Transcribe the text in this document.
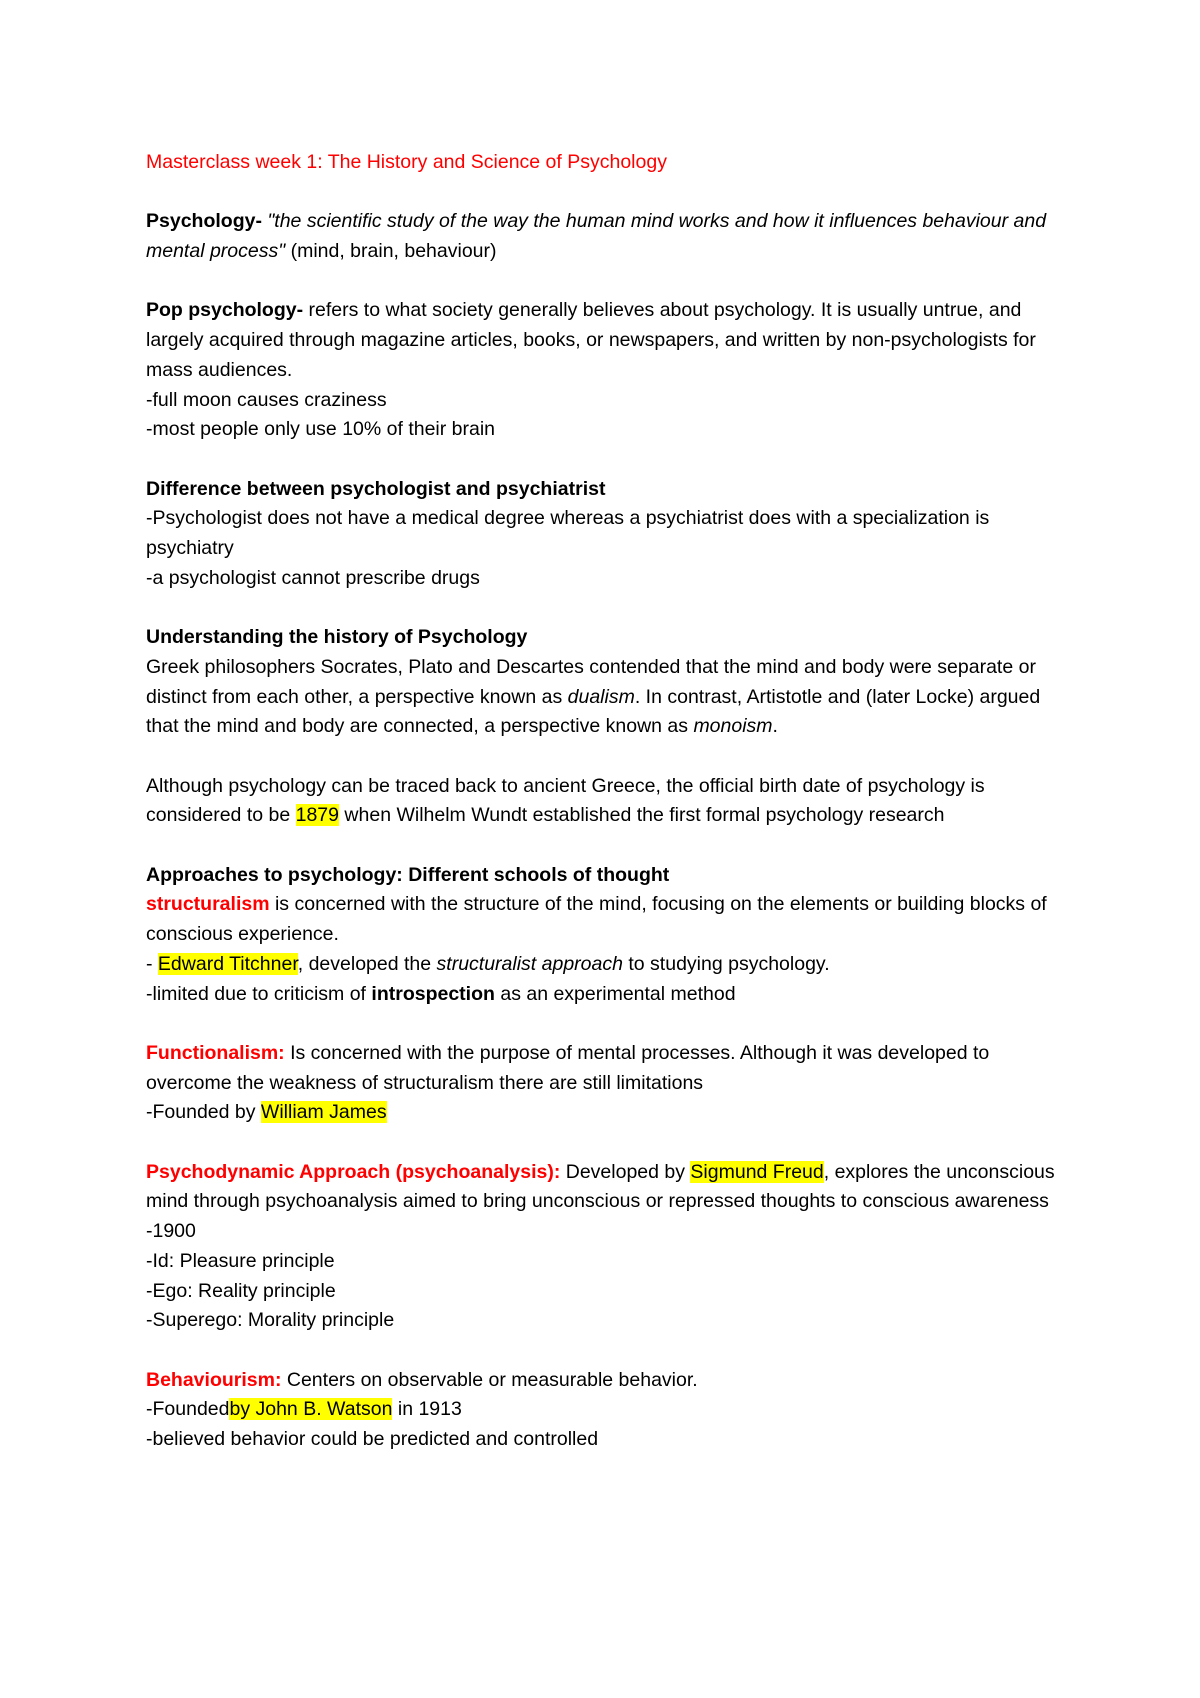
Masterclass week 1: The History and Science of Psychology

Psychology- "the scientific study of the way the human mind works and how it influences behaviour and mental process" (mind, brain, behaviour)

Pop psychology- refers to what society generally believes about psychology. It is usually untrue, and largely acquired through magazine articles, books, or newspapers, and written by non-psychologists for mass audiences.

-full moon causes craziness

-most people only use 10% of their brain

Difference between psychologist and psychiatrist

-Psychologist does not have a medical degree whereas a psychiatrist does with a specialization is psychiatry

-a psychologist cannot prescribe drugs

Understanding the history of Psychology

Greek philosophers Socrates, Plato and Descartes contended that the mind and body were separate or distinct from each other, a perspective known as dualism. In contrast, Artistotle and (later Locke) argued that the mind and body are connected, a perspective known as monoism.

Although psychology can be traced back to ancient Greece, the official birth date of psychology is considered to be 1879 when Wilhelm Wundt established the first formal psychology research

Approaches to psychology: Different schools of thought

structuralism is concerned with the structure of the mind, focusing on the elements or building blocks of conscious experience.

- Edward Titchner, developed the structuralist approach to studying psychology.

-limited due to criticism of introspection as an experimental method

Functionalism: Is concerned with the purpose of mental processes. Although it was developed to overcome the weakness of structuralism there are still limitations

-Founded by William James

Psychodynamic Approach (psychoanalysis): Developed by Sigmund Freud, explores the unconscious mind through psychoanalysis aimed to bring unconscious or repressed thoughts to conscious awareness

-1900

-Id: Pleasure principle

-Ego: Reality principle

-Superego: Morality principle

Behaviourism: Centers on observable or measurable behavior.

-Foundedby John B. Watson in 1913

-believed behavior could be predicted and controlled
